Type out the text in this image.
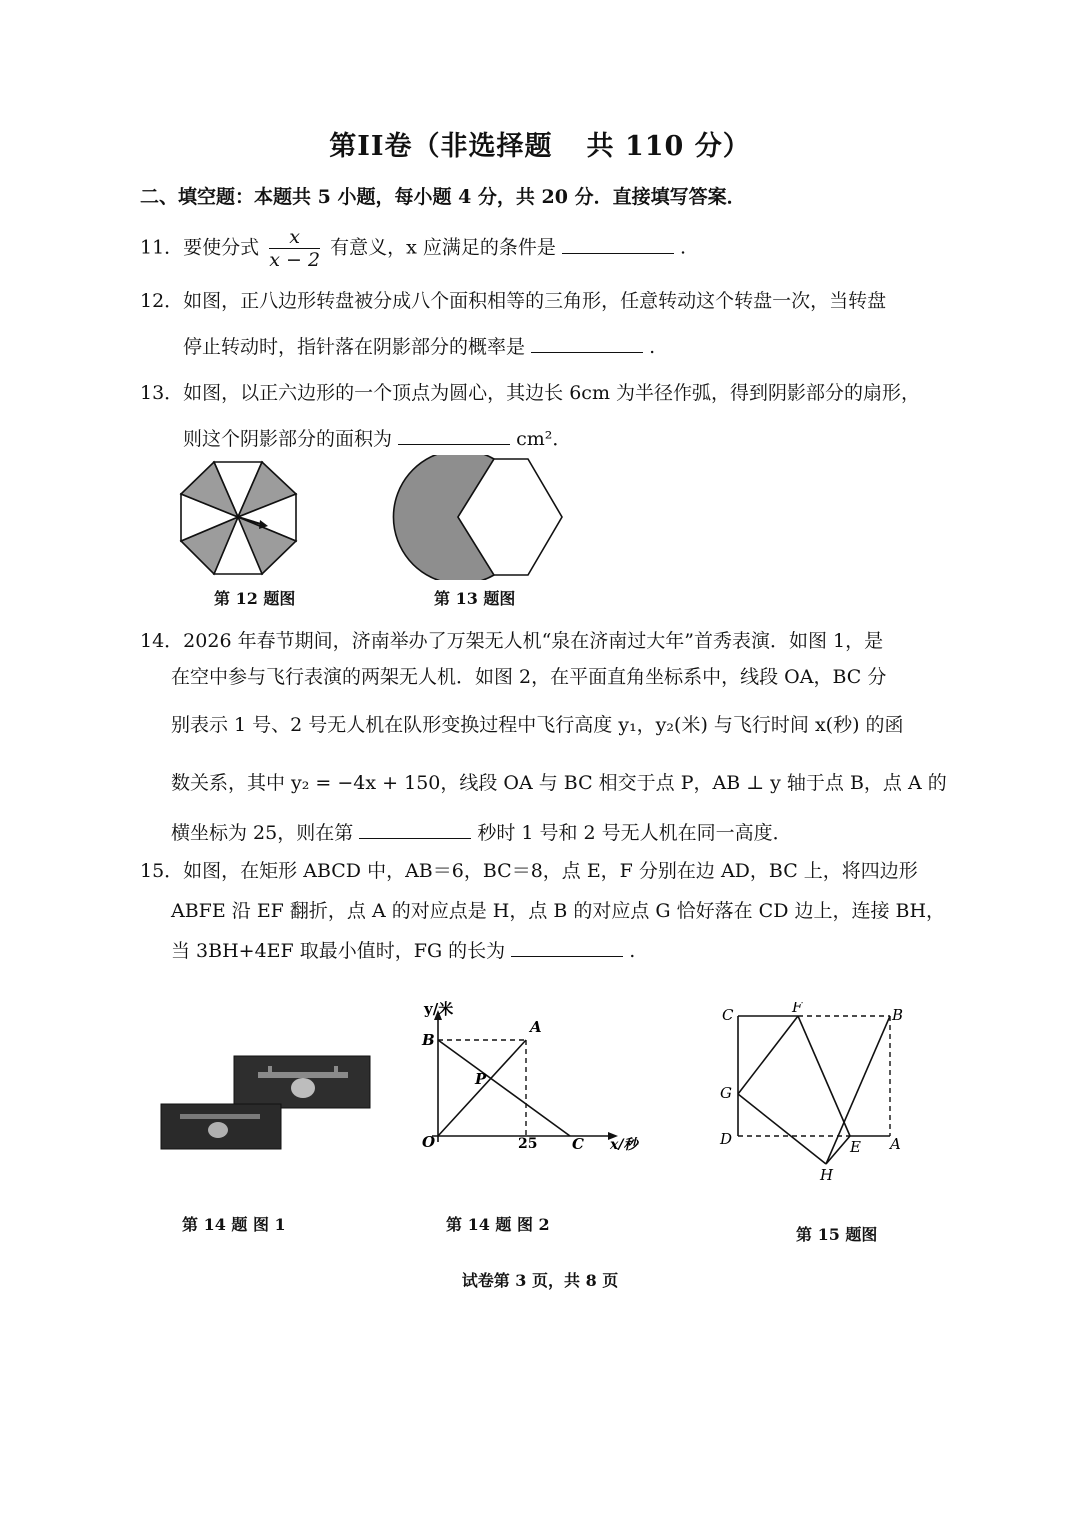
第II卷（非选择题 共 110 分）
二、填空题：本题共 5 小题，每小题 4 分，共 20 分．直接填写答案．
11．要使分式 $\frac{x}{x - 2}$ 有意义，x 应满足的条件是	.
12．如图，正八边形转盘被分成八个面积相等的三角形，任意转动这个转盘一次，当转盘
停止转动时，指针落在阴影部分的概率是	.
13．如图，以正六边形的一个顶点为圆心，其边长 6cm 为半径作弧，得到阴影部分的扇形，
则这个阴影部分的面积为	cm²．
第 12 题图	第 13 题图
14．2026 年春节期间，济南举办了万架无人机“泉在济南过大年”首秀表演．如图 1，是
在空中参与飞行表演的两架无人机．如图 2，在平面直角坐标系中，线段 OA，BC 分
别表示 1 号、2 号无人机在队形变换过程中飞行高度 y₁，y₂(米) 与飞行时间 x(秒) 的函
数关系，其中 y₂ = −4x + 150，线段 OA 与 BC 相交于点 P，AB ⊥ y 轴于点 B，点 A 的
横坐标为 25，则在第	秒时 1 号和 2 号无人机在同一高度．
15．如图，在矩形 ABCD 中，AB＝6，BC＝8，点 E，F 分别在边 AD，BC 上，将四边形
ABFE 沿 EF 翻折，点 A 的对应点是 H，点 B 的对应点 G 恰好落在 CD 边上，连接 BH，
当 3BH+4EF 取最小值时，FG 的长为	.
y/米
x/秒
O
B
A
C
P
25
C	F	B
G
D	E A
H
第 14 题 图 1	第 14 题 图 2
第 15 题图
试卷第 3 页，共 8 页
